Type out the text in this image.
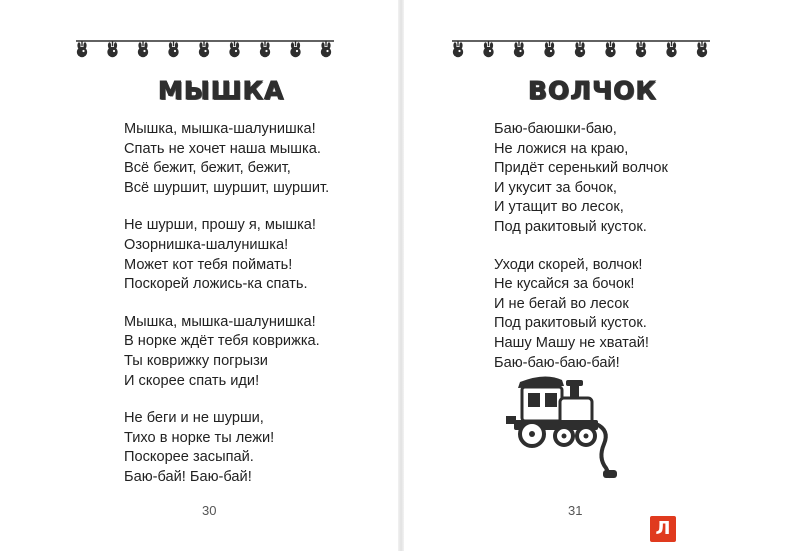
МЫШКА
Мышка, мышка-шалунишка!
Спать не хочет наша мышка.
Всё бежит, бежит, бежит,
Всё шуршит, шуршит, шуршит.
Не шурши, прошу я, мышка!
Озорнишка-шалунишка!
Может кот тебя поймать!
Поскорей ложись-ка спать.
Мышка, мышка-шалунишка!
В норке ждёт тебя коврижка.
Ты коврижку погрызи
И скорее спать иди!
Не беги и не шурши,
Тихо в норке ты лежи!
Поскорее засыпай.
Баю-бай! Баю-бай!
30
ВОЛЧОК
Баю-баюшки-баю,
Не ложися на краю,
Придёт серенький волчок
И укусит за бочок,
И утащит во лесок,
Под ракитовый кусток.
Уходи скорей, волчок!
Не кусайся за бочок!
И не бегай во лесок
Под ракитовый кусток.
Нашу Машу не хватай!
Баю-баю-баю-бай!
31
Л
